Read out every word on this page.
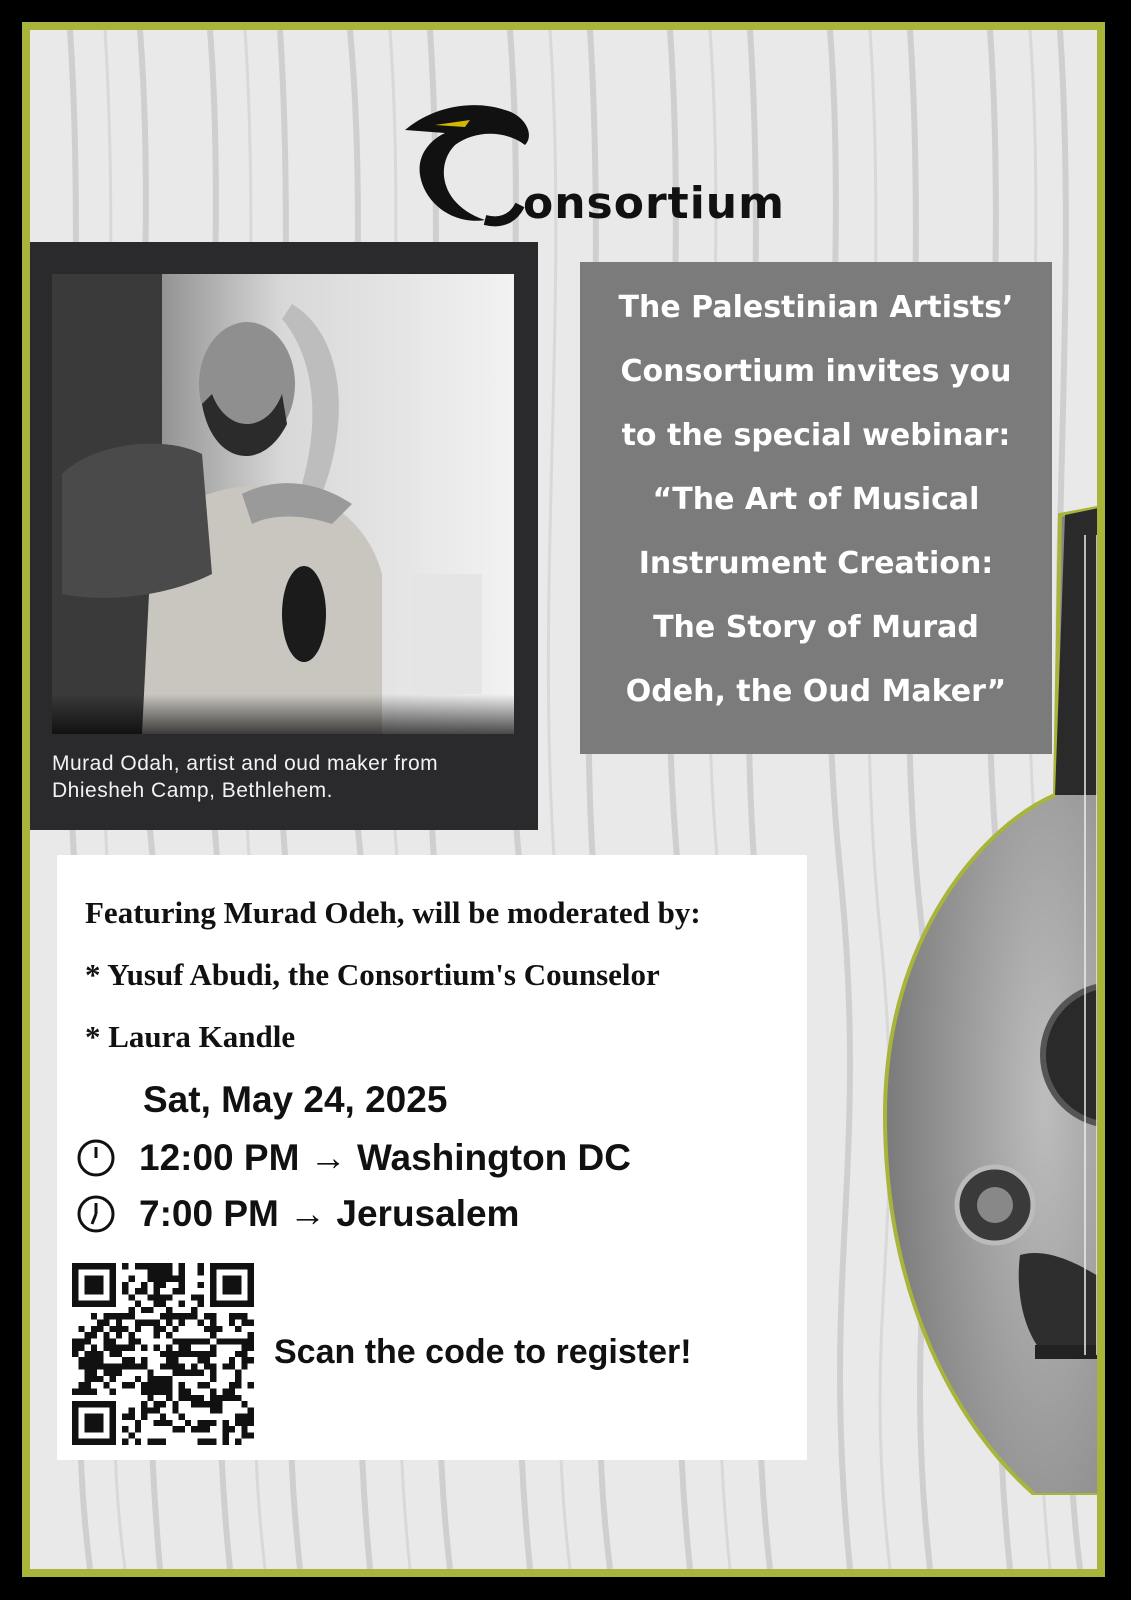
onsortium
Murad Odah, artist and oud maker from Dhiesheh Camp, Bethlehem.
The Palestinian Artists’
Consortium invites you
to the special webinar:
“The Art of Musical
Instrument Creation:
The Story of Murad
Odeh, the Oud Maker”
Featuring Murad Odeh, will be moderated by:
* Yusuf Abudi, the Consortium's Counselor
* Laura Kandle
Sat, May 24, 2025
12:00 PM → Washington DC
7:00 PM → Jerusalem
Scan the code to register!
